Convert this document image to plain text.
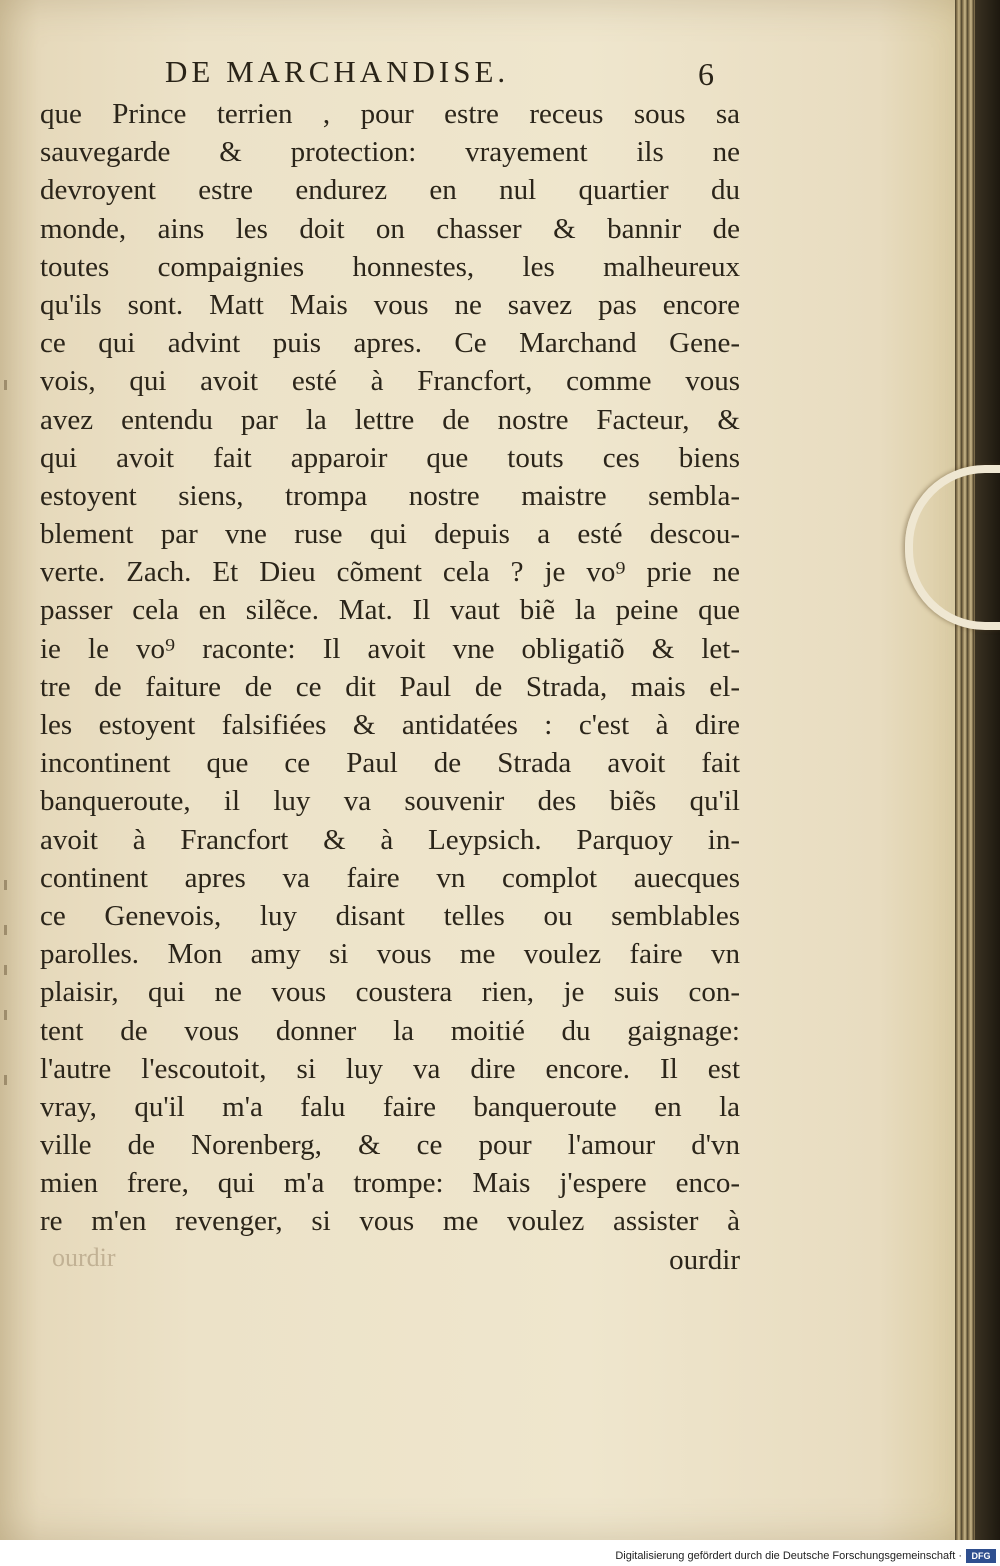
DE MARCHANDISE.	6
que Prince terrien , pour estre receus sous sa
sauvegarde & protection: vrayement ils ne
devroyent estre endurez en nul quartier du
monde, ains les doit on chasser & bannir de
toutes compaignies honnestes, les malheureux
qu'ils sont. Matt Mais vous ne savez pas encore
ce qui advint puis apres. Ce Marchand Gene-
vois, qui avoit esté à Francfort, comme vous
avez entendu par la lettre de nostre Facteur, &
qui avoit fait apparoir que touts ces biens
estoyent siens, trompa nostre maistre sembla-
blement par vne ruse qui depuis a esté descou-
verte. Zach. Et Dieu cõment cela ? je vo⁹ prie ne
passer cela en silẽce. Mat. Il vaut biẽ la peine que
ie le vo⁹ raconte: Il avoit vne obligatiõ & let-
tre de faiture de ce dit Paul de Strada, mais el-
les estoyent falsifiées & antidatées : c'est à dire
incontinent que ce Paul de Strada avoit fait
banqueroute, il luy va souvenir des biẽs qu'il
avoit à Francfort & à Leypsich. Parquoy in-
continent apres va faire vn complot auecques
ce Genevois, luy disant telles ou semblables
parolles. Mon amy si vous me voulez faire vn
plaisir, qui ne vous coustera rien, je suis con-
tent de vous donner la moitié du gaignage:
l'autre l'escoutoit, si luy va dire encore. Il est
vray, qu'il m'a falu faire banqueroute en la
ville de Norenberg, & ce pour l'amour d'vn
mien frere, qui m'a trompe: Mais j'espere enco-
re m'en revenger, si vous me voulez assister à
ourdir
ourdir
Digitalisierung gefördert durch die Deutsche Forschungsgemeinschaft ·	DFG
